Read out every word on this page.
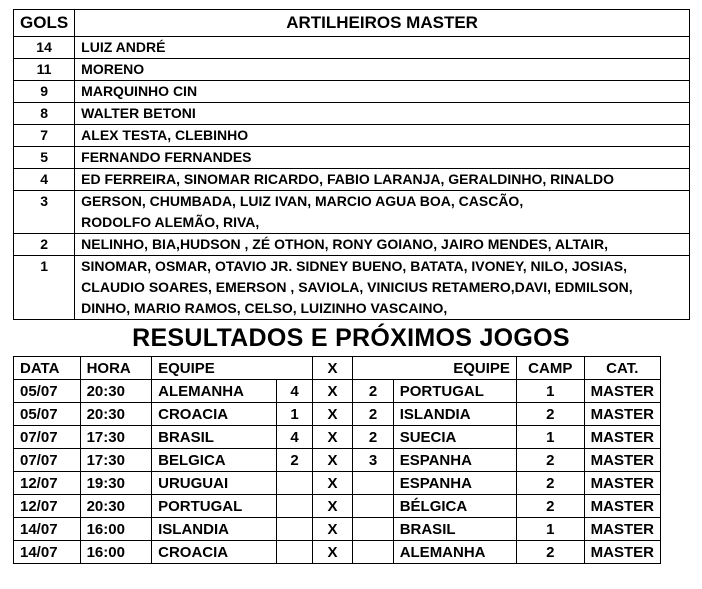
GOLS	ARTILHEIROS MASTER
14	LUIZ ANDRÉ

11	MORENO

9	MARQUINHO CIN

8	WALTER BETONI

7	ALEX TESTA, CLEBINHO

5	FERNANDO FERNANDES

4	ED FERREIRA, SINOMAR RICARDO, FABIO LARANJA, GERALDINHO, RINALDO

3	GERSON, CHUMBADA, LUIZ IVAN, MARCIO AGUA BOA, CASCÃO,
RODOLFO ALEMÃO, RIVA,

2	NELINHO, BIA,HUDSON , ZÉ OTHON, RONY GOIANO, JAIRO MENDES, ALTAIR,

1	SINOMAR, OSMAR, OTAVIO JR. SIDNEY BUENO, BATATA, IVONEY, NILO, JOSIAS,
CLAUDIO SOARES, EMERSON , SAVIOLA, VINICIUS RETAMERO,DAVI, EDMILSON,
DINHO, MARIO RAMOS, CELSO, LUIZINHO VASCAINO,
RESULTADOS E PRÓXIMOS JOGOS
DATA	HORA	EQUIPE		X	EQUIPE		CAMP	CAT.
05/07	20:30	ALEMANHA	4	X	2	PORTUGAL	1	MASTER
05/07	20:30	CROACIA	1	X	2	ISLANDIA	2	MASTER
07/07	17:30	BRASIL	4	X	2	SUECIA	1	MASTER
07/07	17:30	BELGICA	2	X	3	ESPANHA	2	MASTER
12/07	19:30	URUGUAI		X		ESPANHA	2	MASTER
12/07	20:30	PORTUGAL		X		BÉLGICA	2	MASTER
14/07	16:00	ISLANDIA		X		BRASIL	1	MASTER
14/07	16:00	CROACIA		X		ALEMANHA	2	MASTER
